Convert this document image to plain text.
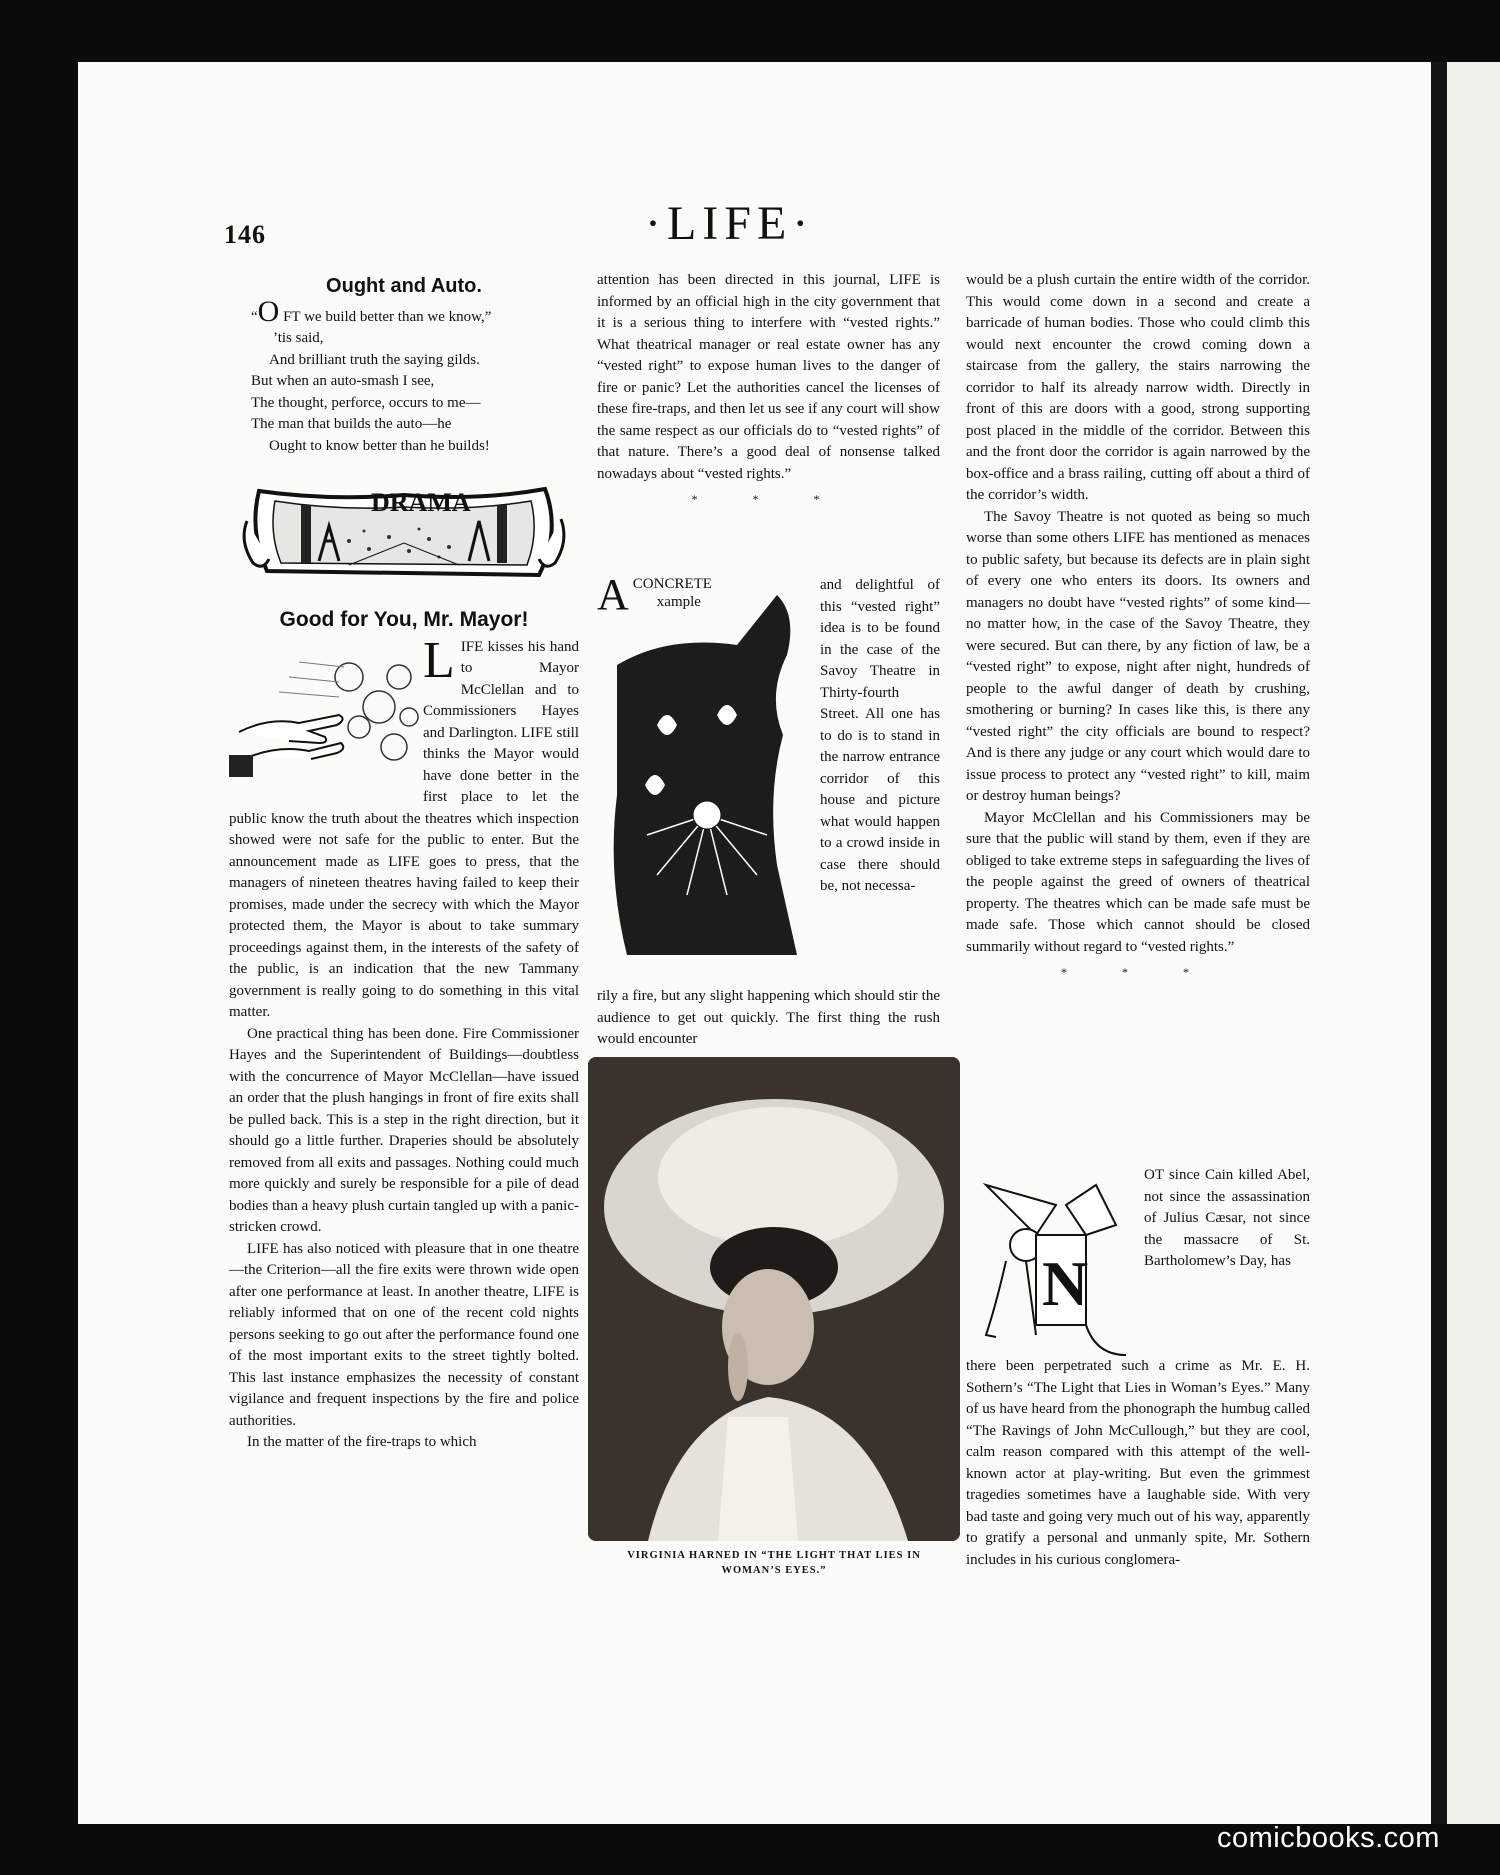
146	·LIFE·
Ought and Auto.
“O FT we build better than we know,”
’tis said,
And brilliant truth the saying gilds.
But when an auto-smash I see,
The thought, perforce, occurs to me—
The man that builds the auto—he
Ought to know better than he builds!
DRAMA
Good for You, Mr. Mayor!

LIFE kisses his hand to Mayor McClellan and to Commissioners Hayes and Darlington. LIFE still thinks the Mayor would have done better in the first place to let the public know the truth about the theatres which inspection showed were not safe for the public to enter. But the announcement made as LIFE goes to press, that the managers of nineteen theatres having failed to keep their promises, made under the secrecy with which the Mayor protected them, the Mayor is about to take summary proceedings against them, in the interests of the safety of the public, is an indication that the new Tammany government is really going to do something in this vital matter.

One practical thing has been done. Fire Commissioner Hayes and the Superintendent of Buildings—doubtless with the concurrence of Mayor McClellan—have issued an order that the plush hangings in front of fire exits shall be pulled back. This is a step in the right direction, but it should go a little further. Draperies should be absolutely removed from all exits and passages. Nothing could much more quickly and surely be responsible for a pile of dead bodies than a heavy plush curtain tangled up with a panic-stricken crowd.

LIFE has also noticed with pleasure that in one theatre—the Criterion—all the fire exits were thrown wide open after one performance at least. In another theatre, LIFE is reliably informed that on one of the recent cold nights persons seeking to go out after the performance found one of the most important exits to the street tightly bolted. This last instance emphasizes the necessity of constant vigilance and frequent inspections by the fire and police authorities.

In the matter of the fire-traps to which

attention has been directed in this journal, LIFE is informed by an official high in the city government that it is a serious thing to interfere with “vested rights.” What theatrical manager or real estate owner has any “vested right” to expose human lives to the danger of fire or panic? Let the authorities cancel the licenses of these fire-traps, and then let us see if any court will show the same respect as our officials do to “vested rights” of that nature. There’s a good deal of nonsense talked nowadays about “vested rights.”

* * *
A CONCRETE
xample

and delightful of this “vested right” idea is to be found in the case of the Savoy Theatre in Thirty-fourth Street. All one has to do is to stand in the narrow entrance corridor of this house and picture what would happen to a crowd inside in case there should be, not necessa-

rily a fire, but any slight happening which should stir the audience to get out quickly. The first thing the rush would encounter

VIRGINIA HARNED IN “THE LIGHT THAT LIES IN WOMAN’S EYES.”

would be a plush curtain the entire width of the corridor. This would come down in a second and create a barricade of human bodies. Those who could climb this would next encounter the crowd coming down a staircase from the gallery, the stairs narrowing the corridor to half its already narrow width. Directly in front of this are doors with a good, strong supporting post placed in the middle of the corridor. Between this and the front door the corridor is again narrowed by the box-office and a brass railing, cutting off about a third of the corridor’s width.

The Savoy Theatre is not quoted as being so much worse than some others LIFE has mentioned as menaces to public safety, but because its defects are in plain sight of every one who enters its doors. Its owners and managers no doubt have “vested rights” of some kind—no matter how, in the case of the Savoy Theatre, they were secured. But can there, by any fiction of law, be a “vested right” to expose, night after night, hundreds of people to the awful danger of death by crushing, smothering or burning? In cases like this, is there any “vested right” the city officials are bound to respect? And is there any judge or any court which would dare to issue process to protect any “vested right” to kill, maim or destroy human beings?

Mayor McClellan and his Commissioners may be sure that the public will stand by them, even if they are obliged to take extreme steps in safeguarding the lives of the people against the greed of owners of theatrical property. The theatres which can be made safe must be made safe. Those which cannot should be closed summarily without regard to “vested rights.”

* * *
N

OT since Cain killed Abel, not since the assassination of Julius Cæsar, not since the massacre of St. Bartholomew’s Day, has

there been perpetrated such a crime as Mr. E. H. Sothern’s “The Light that Lies in Woman’s Eyes.” Many of us have heard from the phonograph the humbug called “The Ravings of John McCullough,” but they are cool, calm reason compared with this attempt of the well-known actor at play-writing. But even the grimmest tragedies sometimes have a laughable side. With very bad taste and going very much out of his way, apparently to gratify a personal and unmanly spite, Mr. Sothern includes in his curious conglomera-

comicbooks.com
